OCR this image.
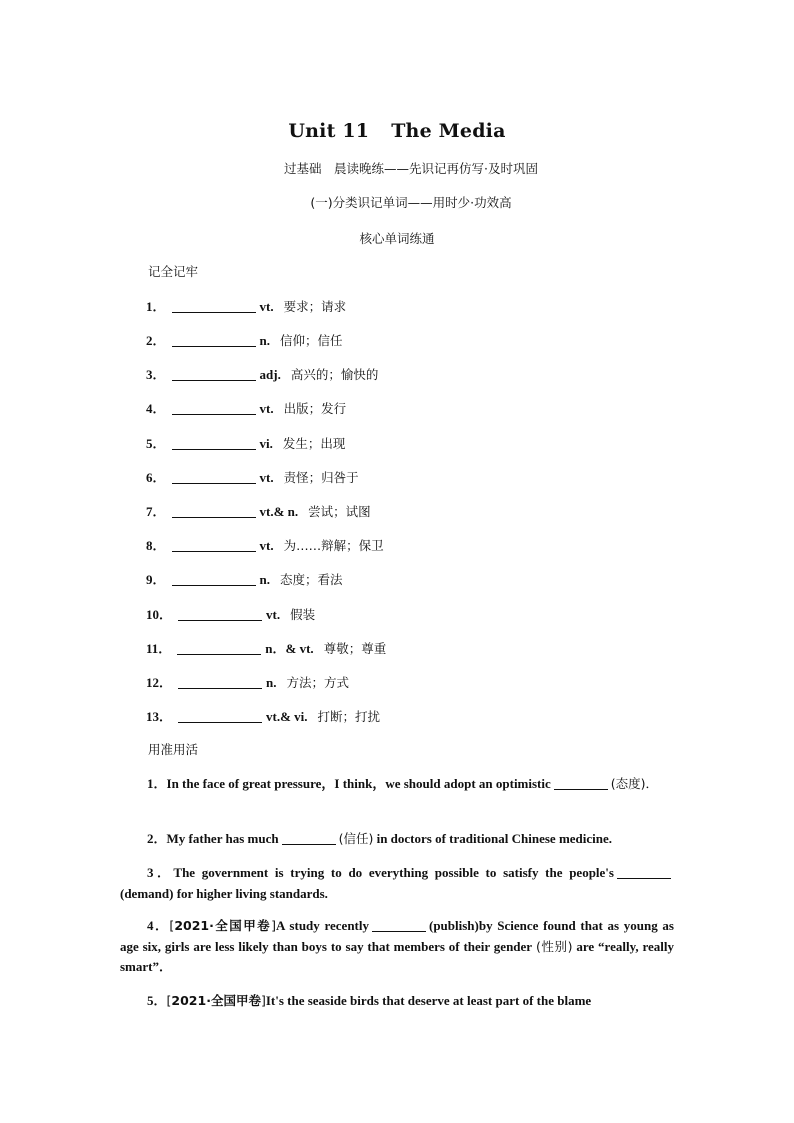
Unit 11 The Media
过基础　晨读晚练——先识记再仿写·及时巩固
(一)分类识记单词——用时少·功效高
核心单词练通
记全记牢
1．	vt. 要求；请求
2．	n. 信仰；信任
3．	adj. 高兴的；愉快的
4．	vt. 出版；发行
5．	vi. 发生；出现
6．	vt. 责怪；归咎于
7．	vt.& n. 尝试；试图
8．	vt. 为……辩解；保卫
9．	n. 态度；看法
10．	vt. 假装
11．	n．& vt. 尊敬；尊重
12．	n. 方法；方式
13．	vt.& vi. 打断；打扰
用准用活
1．In the face of great pressure，I think，we should adopt an optimistic	(态度)．
2．My father has much	(信任) in doctors of traditional Chinese medicine.
3．The government is trying to do everything possible to satisfy the people's(demand) for higher living standards.
4．[2021·全国甲卷]A study recently	(publish)by Science found that as young as age six, girls are less likely than boys to say that members of their gender (性别) are “really, really smart”．
5．[2021·全国甲卷]It's the seaside birds that deserve at least part of the blame
